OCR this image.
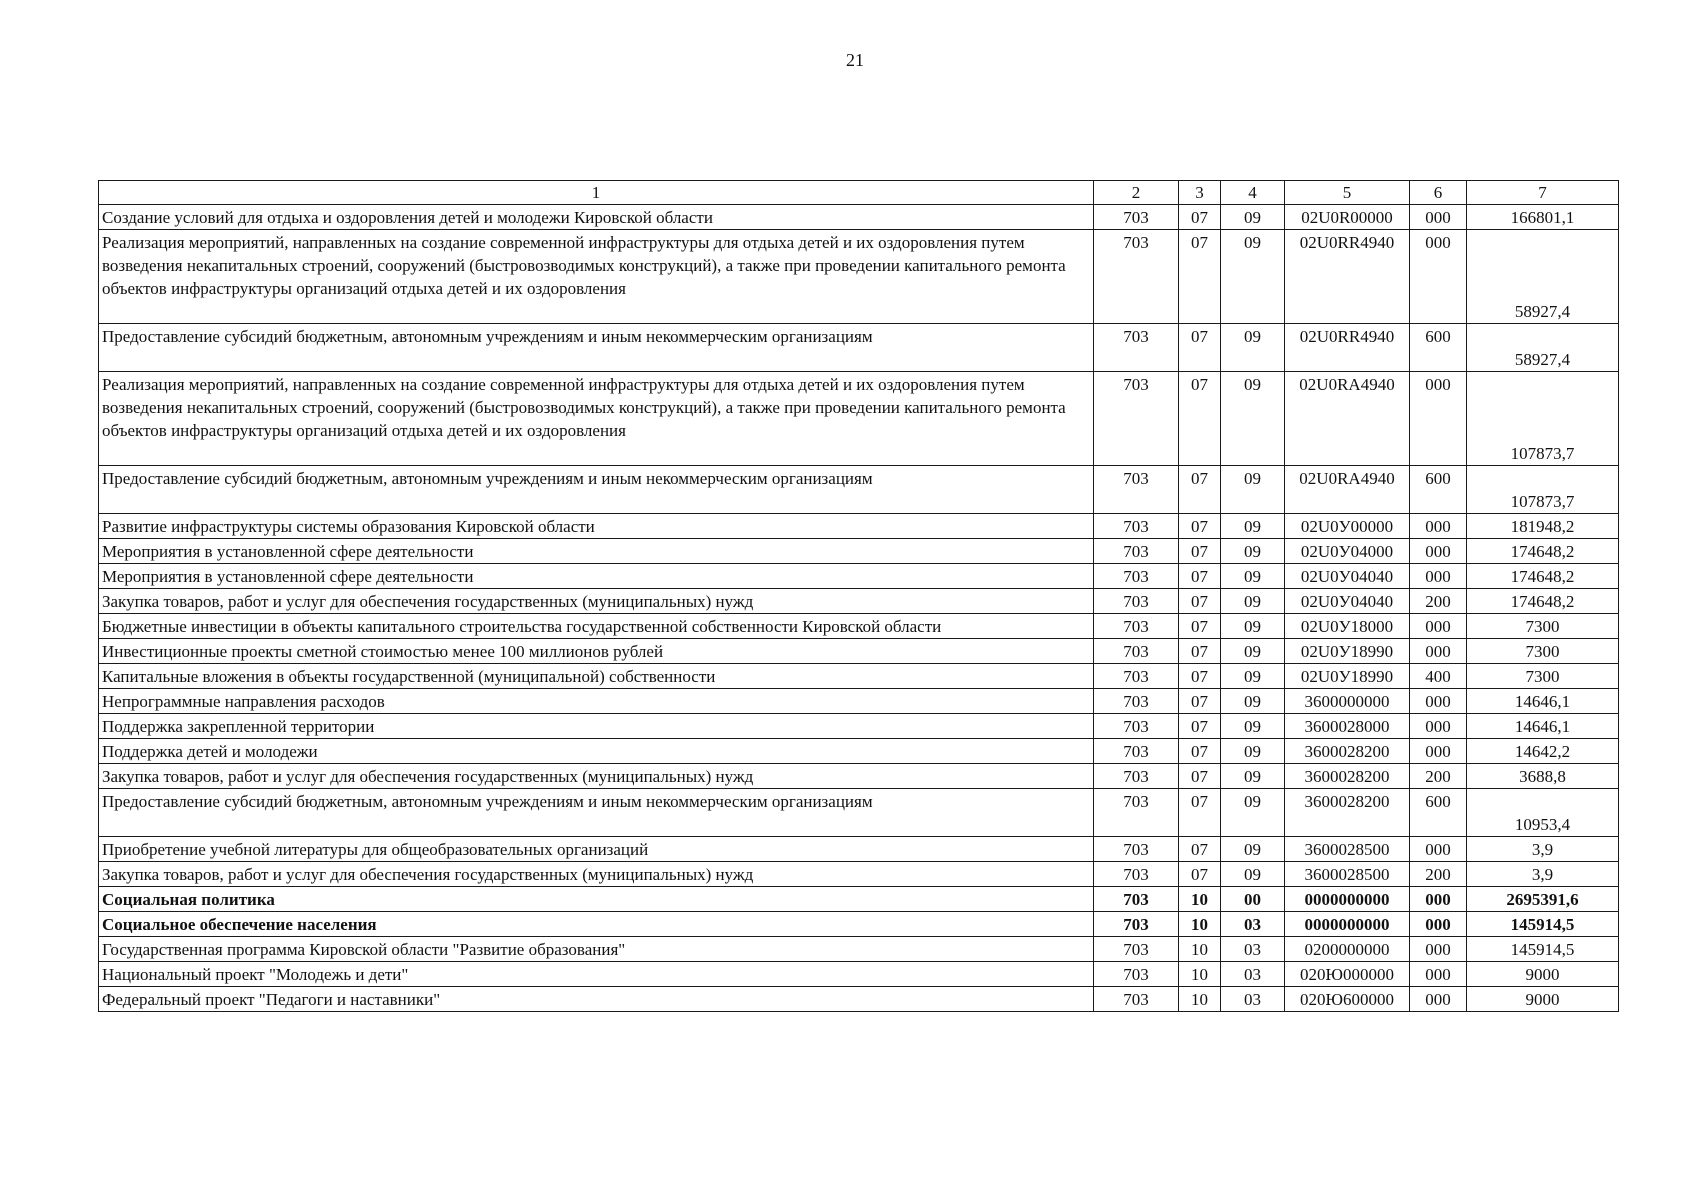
21
1	2	3	4	5	6	7
Создание условий для отдыха и оздоровления детей и молодежи Кировской области	703	07	09	02U0R00000	000	166801,1
Реализация мероприятий, направленных на создание современной инфраструктуры для отдыха детей и их оздоровления путем возведения некапитальных строений, сооружений (быстровозводимых конструкций), а также при проведении капитального ремонта объектов инфраструктуры организаций отдыха детей и их оздоровления	703	07	09	02U0RR4940	000	58927,4
Предоставление субсидий бюджетным, автономным учреждениям и иным некоммерческим организациям	703	07	09	02U0RR4940	600	58927,4
Реализация мероприятий, направленных на создание современной инфраструктуры для отдыха детей и их оздоровления путем возведения некапитальных строений, сооружений (быстровозводимых конструкций), а также при проведении капитального ремонта объектов инфраструктуры организаций отдыха детей и их оздоровления	703	07	09	02U0RA4940	000	107873,7
Предоставление субсидий бюджетным, автономным учреждениям и иным некоммерческим организациям	703	07	09	02U0RA4940	600	107873,7
Развитие инфраструктуры системы образования Кировской области	703	07	09	02U0У00000	000	181948,2
Мероприятия в установленной сфере деятельности	703	07	09	02U0У04000	000	174648,2
Мероприятия в установленной сфере деятельности	703	07	09	02U0У04040	000	174648,2
Закупка товаров, работ и услуг для обеспечения государственных (муниципальных) нужд	703	07	09	02U0У04040	200	174648,2
Бюджетные инвестиции в объекты капитального строительства государственной собственности Кировской области	703	07	09	02U0У18000	000	7300
Инвестиционные проекты сметной стоимостью менее 100 миллионов рублей	703	07	09	02U0У18990	000	7300
Капитальные вложения в объекты государственной (муниципальной) собственности	703	07	09	02U0У18990	400	7300
Непрограммные направления расходов	703	07	09	3600000000	000	14646,1
Поддержка закрепленной территории	703	07	09	3600028000	000	14646,1
Поддержка детей и молодежи	703	07	09	3600028200	000	14642,2
Закупка товаров, работ и услуг для обеспечения государственных (муниципальных) нужд	703	07	09	3600028200	200	3688,8
Предоставление субсидий бюджетным, автономным учреждениям и иным некоммерческим организациям	703	07	09	3600028200	600	10953,4
Приобретение учебной литературы для общеобразовательных организаций	703	07	09	3600028500	000	3,9
Закупка товаров, работ и услуг для обеспечения государственных (муниципальных) нужд	703	07	09	3600028500	200	3,9
Социальная политика	703	10	00	0000000000	000	2695391,6
Социальное обеспечение населения	703	10	03	0000000000	000	145914,5
Государственная программа Кировской области "Развитие образования"	703	10	03	0200000000	000	145914,5
Национальный проект "Молодежь и дети"	703	10	03	020Ю000000	000	9000
Федеральный проект "Педагоги и наставники"	703	10	03	020Ю600000	000	9000
